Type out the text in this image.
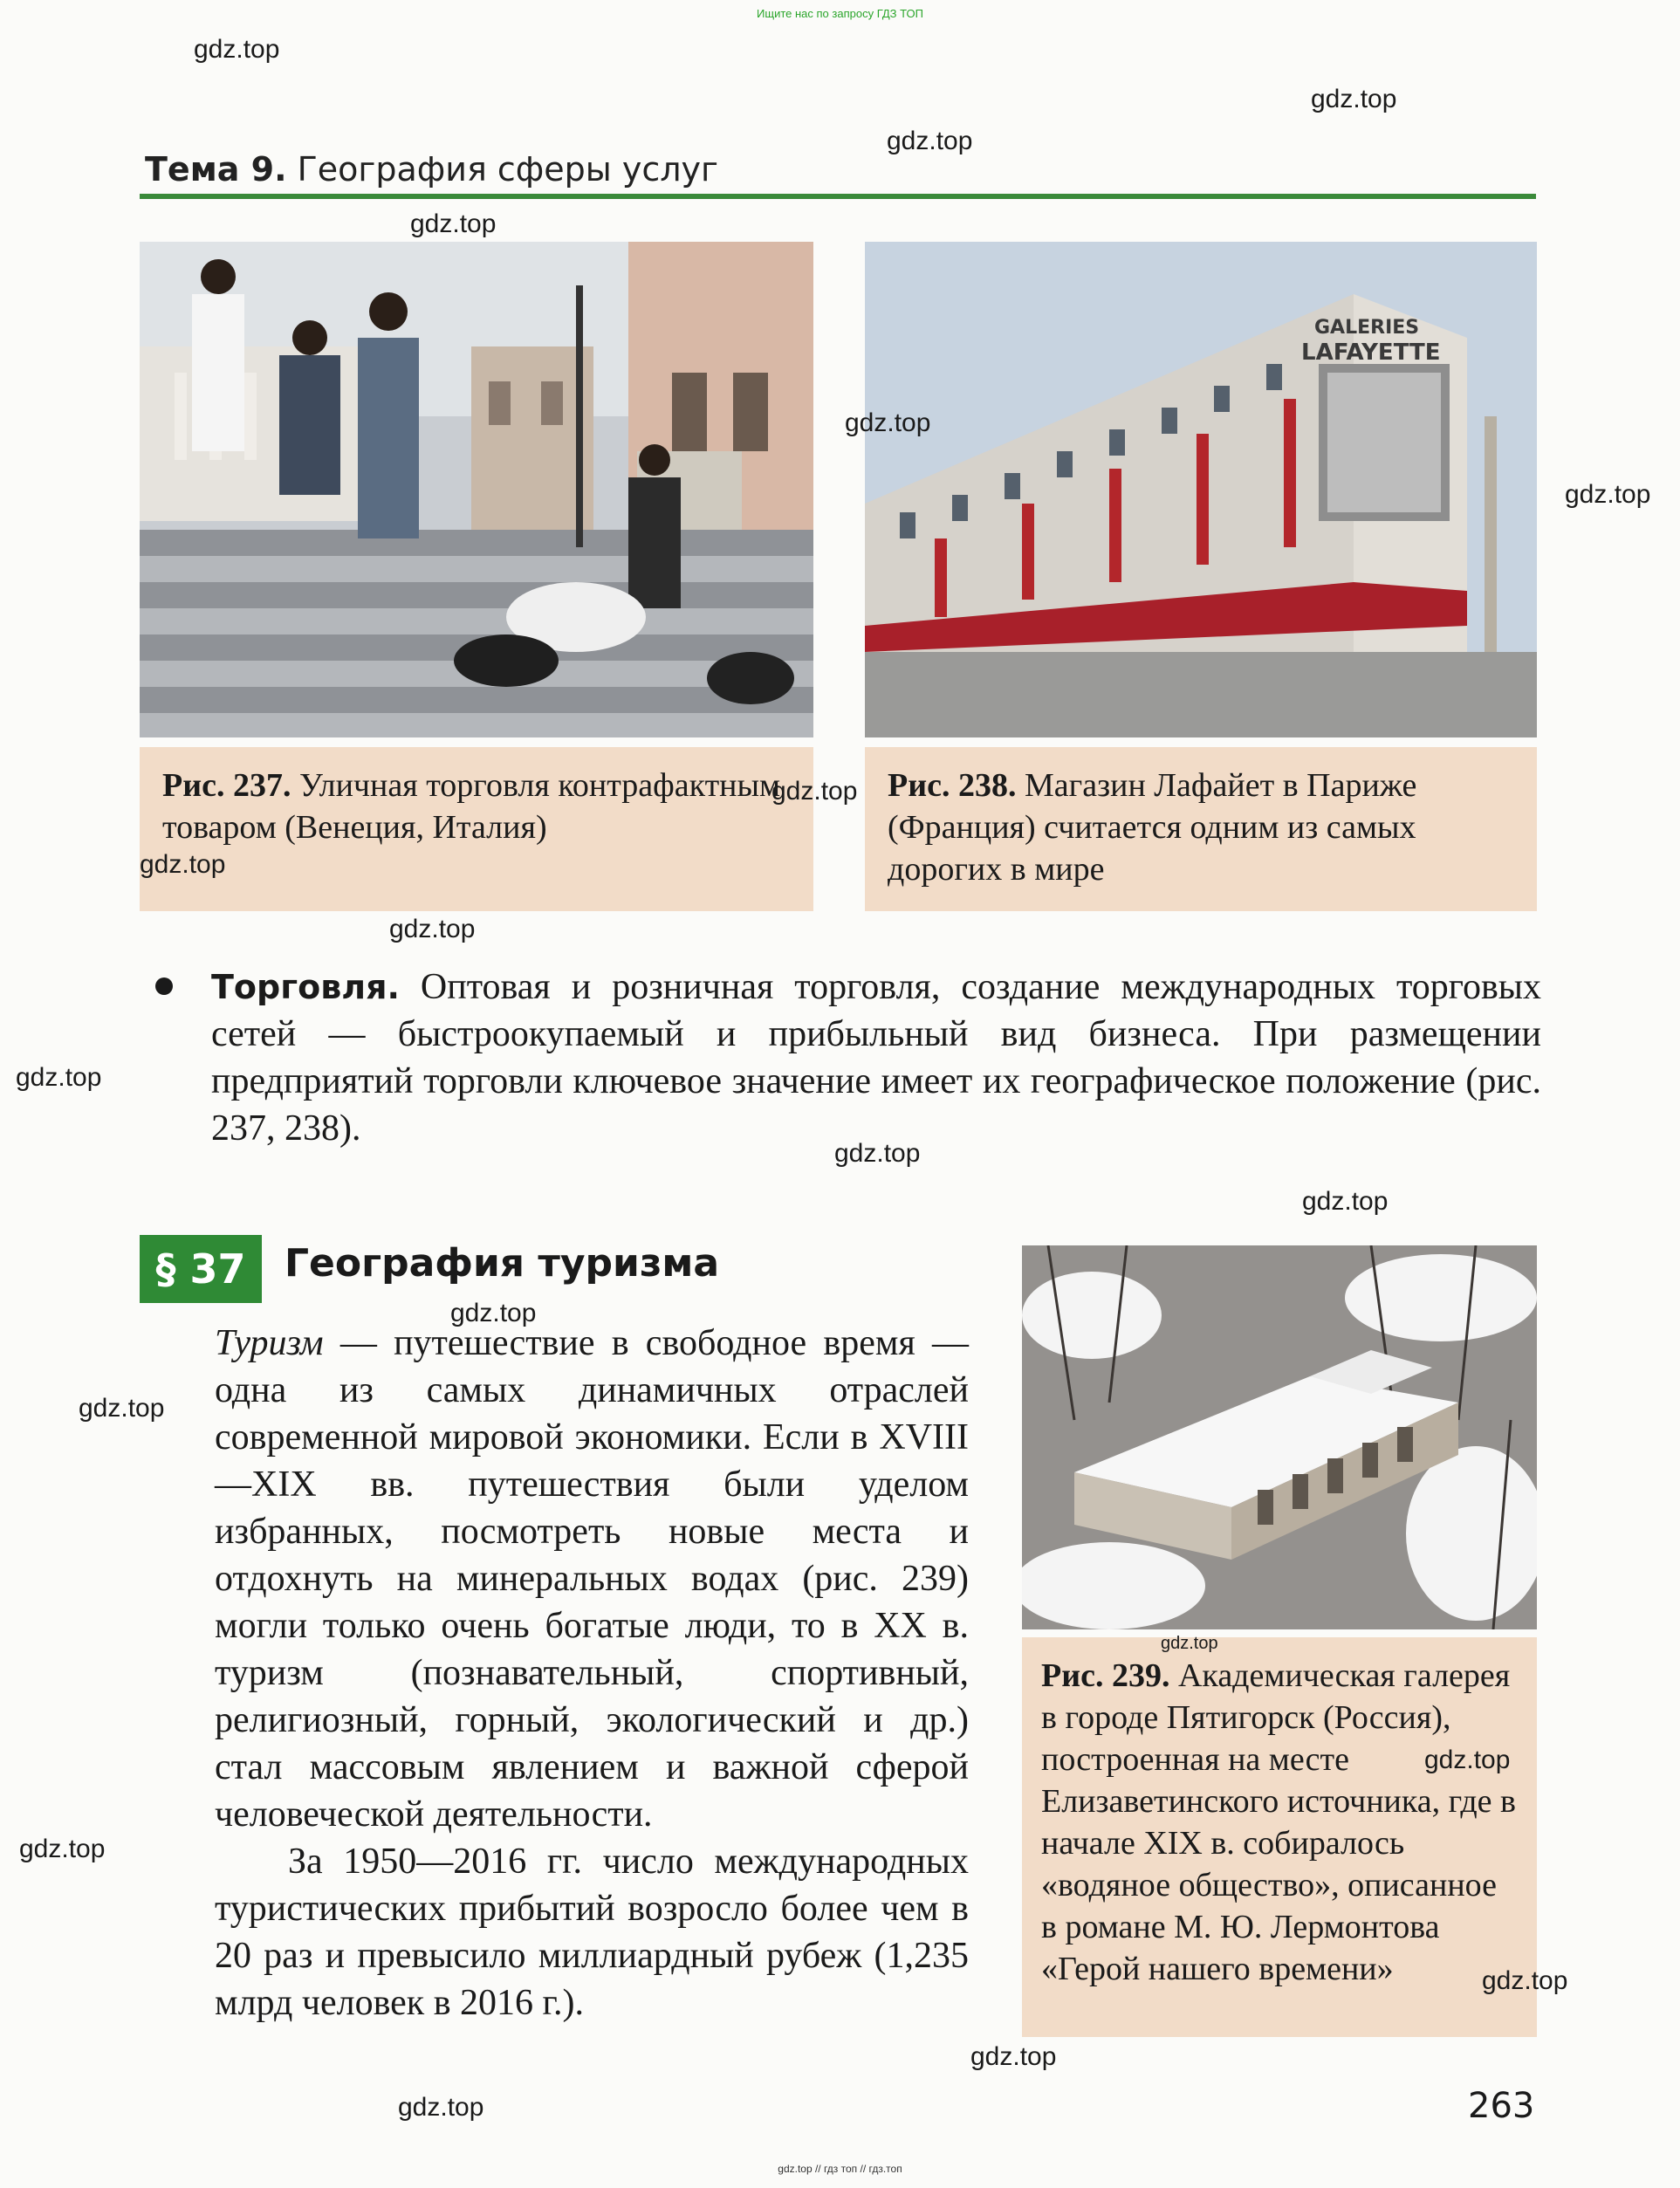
Ищите нас по запросу ГДЗ ТОП
Тема 9. География сферы услуг
Рис. 237. Уличная торговля контрафактным товаром (Венеция, Италия)
GALERIES
LAFAYETTE
Рис. 238. Магазин Лафайет в Париже (Франция) считается одним из самых дорогих в мире
Торговля. Оптовая и розничная торговля, создание международных торговых сетей — быстроокупаемый и прибыльный вид бизнеса. При размещении предприятий торговли ключевое значение имеет их географическое положение (рис. 237, 238).
§ 37	География туризма

Туризм — путешествие в свободное время — одна из самых динамичных отраслей современной мировой экономики. Если в XVIII—XIX вв. путешествия были уделом избранных, посмотреть новые места и отдохнуть на минеральных водах (рис. 239) могли только очень богатые люди, то в XX в. туризм (познавательный, спортивный, религиозный, горный, экологический и др.) стал массовым явлением и важной сферой человеческой деятельности.

За 1950—2016 гг. число международных туристических прибытий возросло более чем в 20 раз и превысило миллиардный рубеж (1,235 млрд человек в 2016 г.).

Рис. 239. Академическая галерея в городе Пятигорск (Россия), построенная на месте Елизаветинского источника, где в начале XIX в. собиралось «водяное общество», описанное в романе М. Ю. Лермонтова «Герой нашего времени»
263
gdz.top // гдз топ // гдз.топ
gdz.top
gdz.top
gdz.top
gdz.top
gdz.top
gdz.top
gdz.top
gdz.top
gdz.top
gdz.top
gdz.top
gdz.top
gdz.top
gdz.top
gdz.top
gdz.top
gdz.top
gdz.top
gdz.top
gdz.top
